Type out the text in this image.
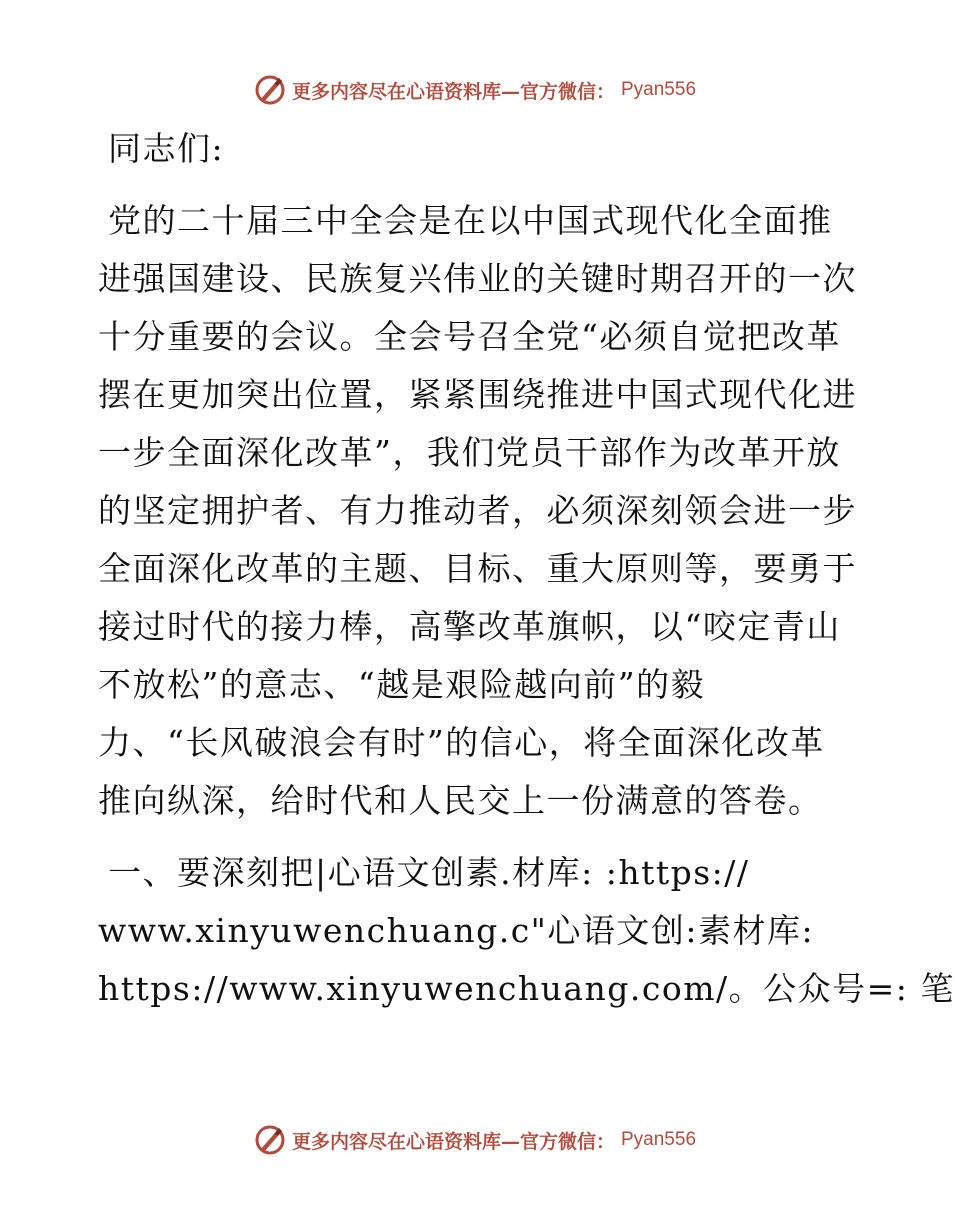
更多内容尽在心语资料库—官方微信： Pyan556
同志们:
党的二十届三中全会是在以中国式现代化全面推
进强国建设、民族复兴伟业的关键时期召开的一次
十分重要的会议。全会号召全党“必须自觉把改革
摆在更加突出位置，紧紧围绕推进中国式现代化进
一步全面深化改革”，我们党员干部作为改革开放
的坚定拥护者、有力推动者，必须深刻领会进一步
全面深化改革的主题、目标、重大原则等，要勇于
接过时代的接力棒，高擎改革旗帜，以“咬定青山
不放松”的意志、“越是艰险越向前”的毅
力、“长风破浪会有时”的信心，将全面深化改革
推向纵深，给时代和人民交上一份满意的答卷。
一、要深刻把|心语文创素.材库: :https://
www.xinyuwenchuang.c"心语文创:素材库:
https://www.xinyuwenchuang.com/。公众号=: 笔
更多内容尽在心语资料库—官方微信： Pyan556
